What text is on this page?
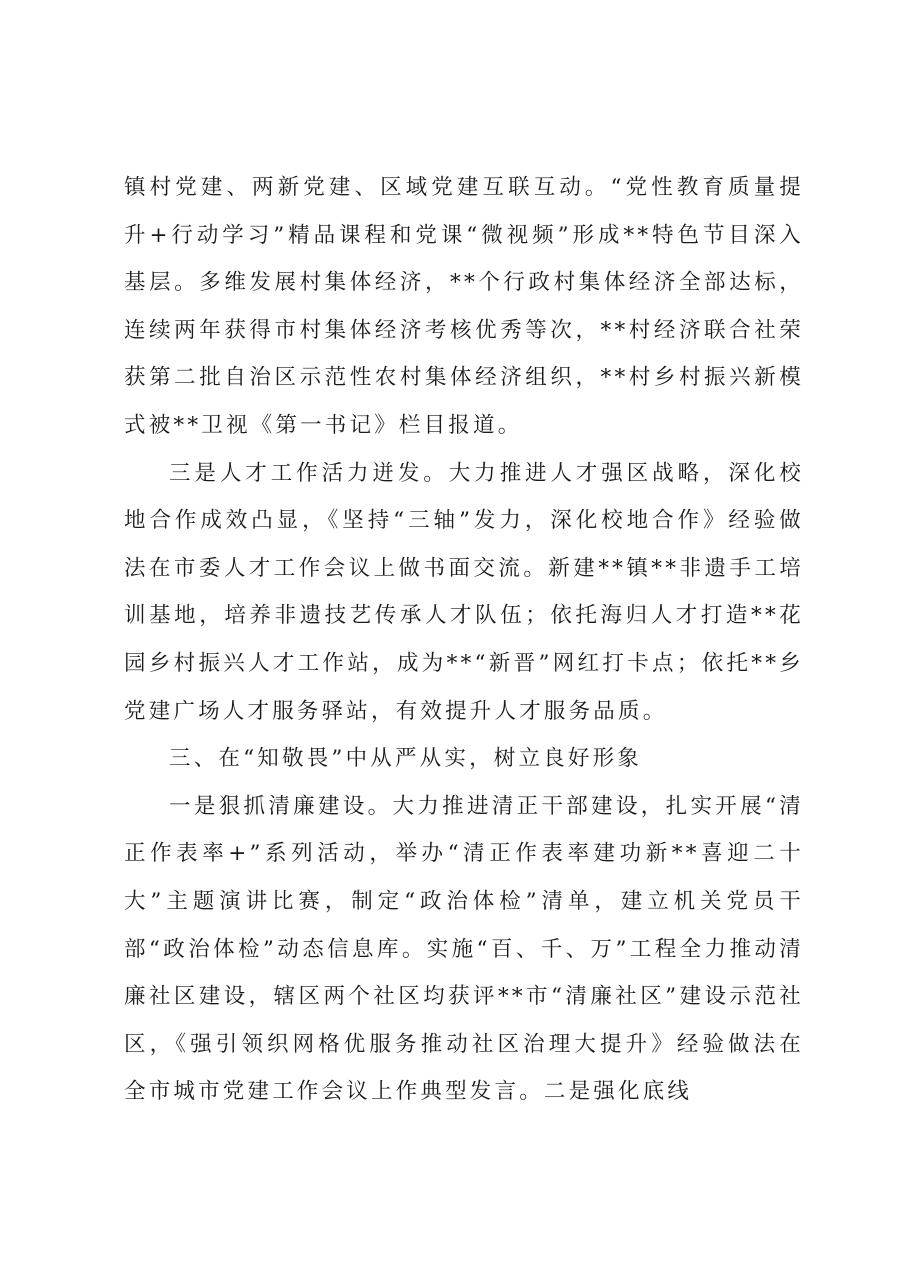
镇村党建、两新党建、区域党建互联互动。“党性教育质量提升+行动学习”精品课程和党课“微视频”形成**特色节目深入基层。多维发展村集体经济，**个行政村集体经济全部达标，连续两年获得市村集体经济考核优秀等次，**村经济联合社荣获第二批自治区示范性农村集体经济组织，**村乡村振兴新模式被**卫视《第一书记》栏目报道。

三是人才工作活力迸发。大力推进人才强区战略，深化校地合作成效凸显，《坚持“三轴”发力，深化校地合作》经验做法在市委人才工作会议上做书面交流。新建**镇**非遗手工培训基地，培养非遗技艺传承人才队伍；依托海归人才打造**花园乡村振兴人才工作站，成为**“新晋”网红打卡点；依托**乡党建广场人才服务驿站，有效提升人才服务品质。

三、在“知敬畏”中从严从实，树立良好形象

一是狠抓清廉建设。大力推进清正干部建设，扎实开展“清正作表率+”系列活动，举办“清正作表率建功新**喜迎二十大”主题演讲比赛，制定“政治体检”清单，建立机关党员干部“政治体检”动态信息库。实施“百、千、万”工程全力推动清廉社区建设，辖区两个社区均获评**市“清廉社区”建设示范社区，《强引领织网格优服务推动社区治理大提升》经验做法在全市城市党建工作会议上作典型发言。二是强化底线
